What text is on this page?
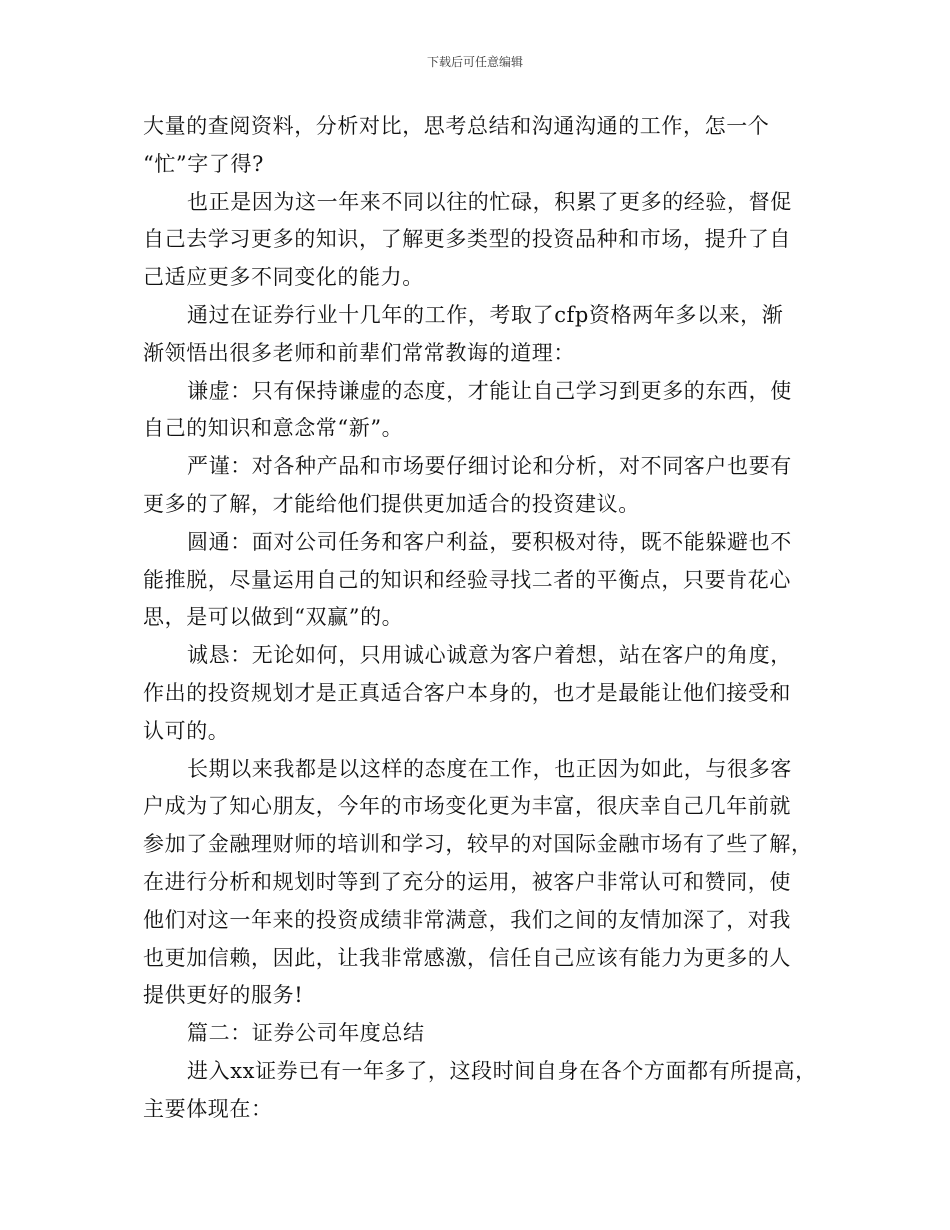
下载后可任意编辑

大量的查阅资料，分析对比，思考总结和沟通沟通的工作，怎一个
“忙”字了得?

也正是因为这一年来不同以往的忙碌，积累了更多的经验，督促
自己去学习更多的知识，了解更多类型的投资品种和市场，提升了自
己适应更多不同变化的能力。

通过在证券行业十几年的工作，考取了cfp资格两年多以来，渐
渐领悟出很多老师和前辈们常常教诲的道理：

谦虚：只有保持谦虚的态度，才能让自己学习到更多的东西，使
自己的知识和意念常“新”。

严谨：对各种产品和市场要仔细讨论和分析，对不同客户也要有
更多的了解，才能给他们提供更加适合的投资建议。

圆通：面对公司任务和客户利益，要积极对待，既不能躲避也不
能推脱，尽量运用自己的知识和经验寻找二者的平衡点，只要肯花心
思，是可以做到“双赢”的。

诚恳：无论如何，只用诚心诚意为客户着想，站在客户的角度，
作出的投资规划才是正真适合客户本身的，也才是最能让他们接受和
认可的。

长期以来我都是以这样的态度在工作，也正因为如此，与很多客
户成为了知心朋友，今年的市场变化更为丰富，很庆幸自己几年前就
参加了金融理财师的培训和学习，较早的对国际金融市场有了些了解，
在进行分析和规划时等到了充分的运用，被客户非常认可和赞同，使
他们对这一年来的投资成绩非常满意，我们之间的友情加深了，对我
也更加信赖，因此，让我非常感激，信任自己应该有能力为更多的人
提供更好的服务!

篇二：证券公司年度总结

进入xx证券已有一年多了，这段时间自身在各个方面都有所提高，
主要体现在：
